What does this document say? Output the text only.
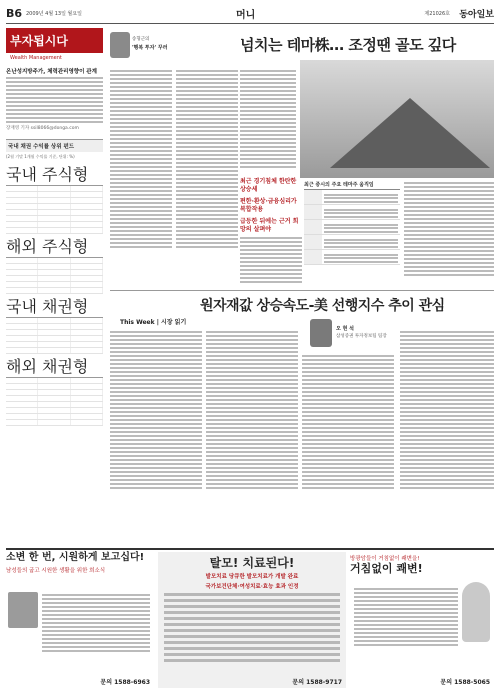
B6 2009년 4월 13일 월요일	머니	제21026호 동아일보
부자됩시다
Wealth Management
온난성지방주가, 체력관리영향이 관계
장재영 기자 ssil8066@donga.com
국내 채권 수익률 상위 펀드
(2월 기말 1개월 수익률 기준, 단위: %)
국내 주식형
해외 주식형
국내 채권형
해외 채권형
송형근의
'행복 투자' 꾸러	넘치는 테마株… 조정땐 골도 깊다
최근 경기침체 한탄한 상승세
편한·환상·금융심리가 복합작용
급등한 뒤에는 근거 희망의 살펴야
최근 증시의 주요 테마주 움직임
원자재값 상승속도-美 선행지수 추이 관심
This Week | 시장 읽기
오 현 석
삼성증권 투자정보팀 팀장
소변 한 번, 시원하게 보고십다!

남성들의 굽고 시원한 생활을 위한 희소식

문의 1588-6963
탈모! 치료된다!
발모치료 당큐한 발모치료가 개발 완료
국가보건단체·여성치료·효능 효과 인정
문의 1588-9717

방광암들이 거침없이 쾌변을!

거침없이 쾌변!
문의 1588-5065
